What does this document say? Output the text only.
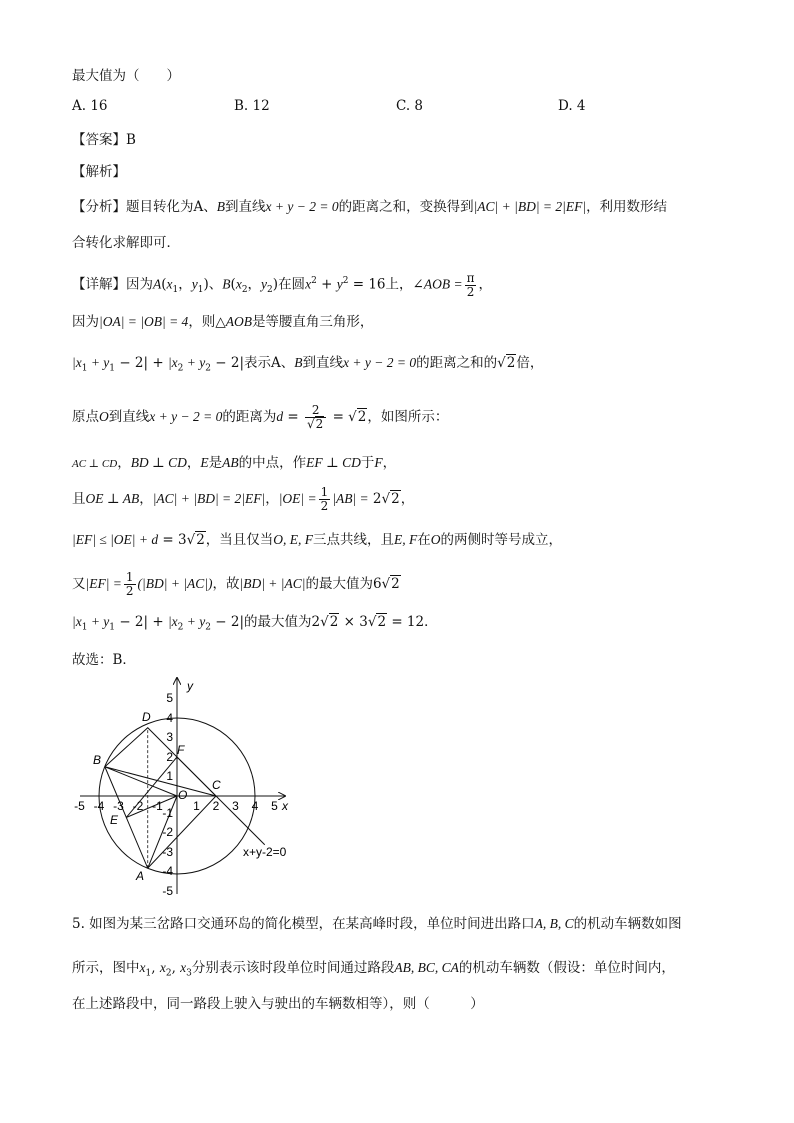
最大值为（　　）
A. 16	B. 12	C. 8	D. 4
【答案】B
【解析】
【分析】题目转化为A、B到直线x + y − 2 = 0的距离之和，变换得到|AC| + |BD| = 2|EF|，利用数形结
合转化求解即可．
【详解】因为$A(x_1$，$y_1$)、$B(x_2$，$y_2$)在圆$x^2 + y^2 = 16$上，∠AOB = $\frac{\pi}{2}$ ，
因为|OA| = |OB| = 4，则△AOB是等腰直角三角形，
$|x_1 + y_1 - 2| + |x_2 + y_2 - 2|$表示A、B到直线x + y − 2 = 0的距离之和的√2倍，
原点O到直线x + y − 2 = 0的距离为$d = \frac{2}{√2} = √2$，如图所示：
AC ⊥ CD，BD ⊥ CD，E是AB的中点，作EF ⊥ CD于F，
且OE ⊥ AB，|AC| + |BD| = 2|EF|，$|OE| = \frac{1}{2} |AB| = 2√2$，
|EF| ≤ |OE| + d = 3√2，当且仅当O, E, F三点共线，且E, F在O的两侧时等号成立，
又$|EF| = \frac{1}{2} (|BD| + |AC|)$，故|BD| + |AC|的最大值为6√2
$|x_1 + y_1 - 2| + |x_2 + y_2 - 2|$的最大值为2√2 × 3√2 = 12．
故选：B．
-5 -4 -3 -2 -1	1 2 3 4 5
5
4
3
2
1
-1
-2
-3
-4
-5
x
y
O
A
B
C
D
E
F
x+y-2=0
5. 如图为某三岔路口交通环岛的简化模型，在某高峰时段，单位时间进出路口A, B, C的机动车辆数如图
所示，图中$x_1$, $x_2$, $x_3$分别表示该时段单位时间通过路段AB, BC, CA的机动车辆数（假设：单位时间内，
在上述路段中，同一路段上驶入与驶出的车辆数相等），则（　　　）
